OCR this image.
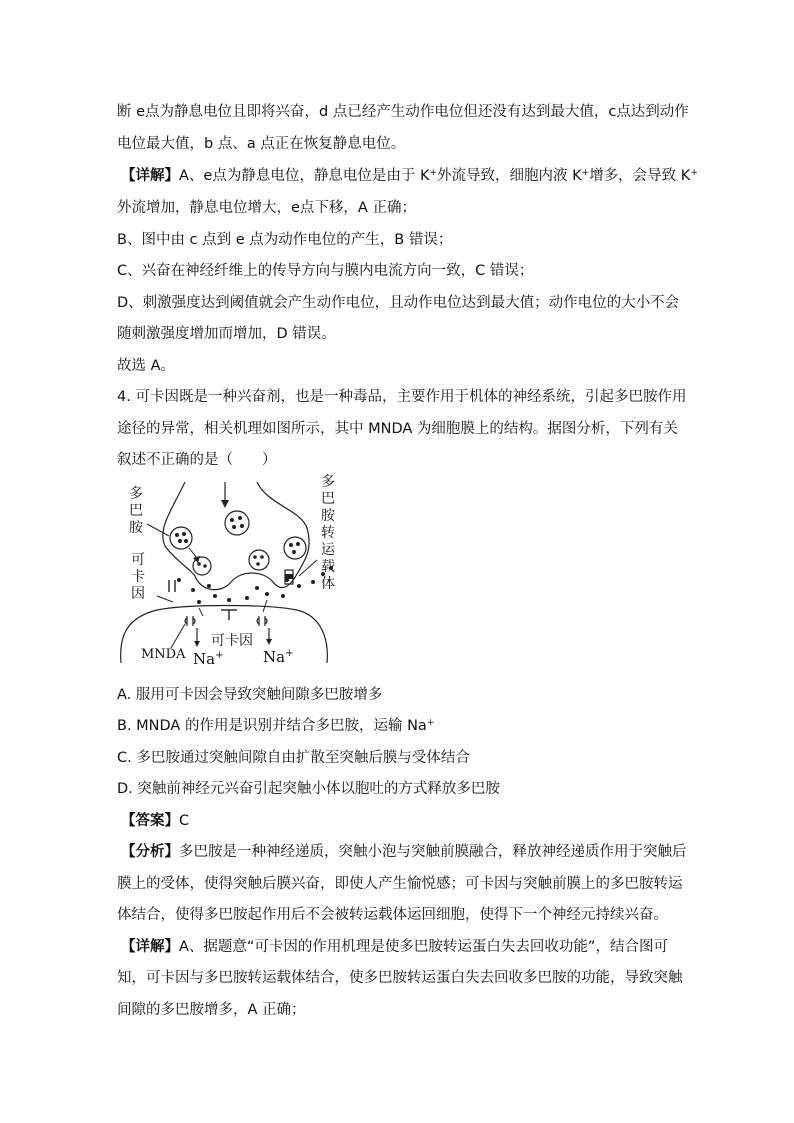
断 e点为静息电位且即将兴奋，d 点已经产生动作电位但还没有达到最大值，c点达到动作
电位最大值，b 点、a 点正在恢复静息电位。
【详解】A、e点为静息电位，静息电位是由于 K+外流导致，细胞内液 K+增多，会导致 K+
外流增加，静息电位增大，e点下移，A 正确；
B、图中由 c 点到 e 点为动作电位的产生，B 错误；
C、兴奋在神经纤维上的传导方向与膜内电流方向一致，C 错误；
D、刺激强度达到阈值就会产生动作电位，且动作电位达到最大值；动作电位的大小不会
随刺激强度增加而增加，D 错误。
故选 A。
4. 可卡因既是一种兴奋剂，也是一种毒品，主要作用于机体的神经系统，引起多巴胺作用
途径的异常，相关机理如图所示，其中 MNDA 为细胞膜上的结构。据图分析，下列有关
叙述不正确的是（　　）
多
巴
胺
可
卡
因
多
巴
胺
转
运
载
体
MNDA
可卡因
Na+	Na+
A. 服用可卡因会导致突触间隙多巴胺增多
B. MNDA 的作用是识别并结合多巴胺，运输 Na+
C. 多巴胺通过突触间隙自由扩散至突触后膜与受体结合
D. 突触前神经元兴奋引起突触小体以胞吐的方式释放多巴胺
【答案】C
【分析】多巴胺是一种神经递质，突触小泡与突触前膜融合，释放神经递质作用于突触后
膜上的受体，使得突触后膜兴奋，即使人产生愉悦感；可卡因与突触前膜上的多巴胺转运
体结合，使得多巴胺起作用后不会被转运载体运回细胞，使得下一个神经元持续兴奋。
【详解】A、据题意“可卡因的作用机理是使多巴胺转运蛋白失去回收功能”，结合图可
知，可卡因与多巴胺转运载体结合，使多巴胺转运蛋白失去回收多巴胺的功能，导致突触
间隙的多巴胺增多，A 正确；
